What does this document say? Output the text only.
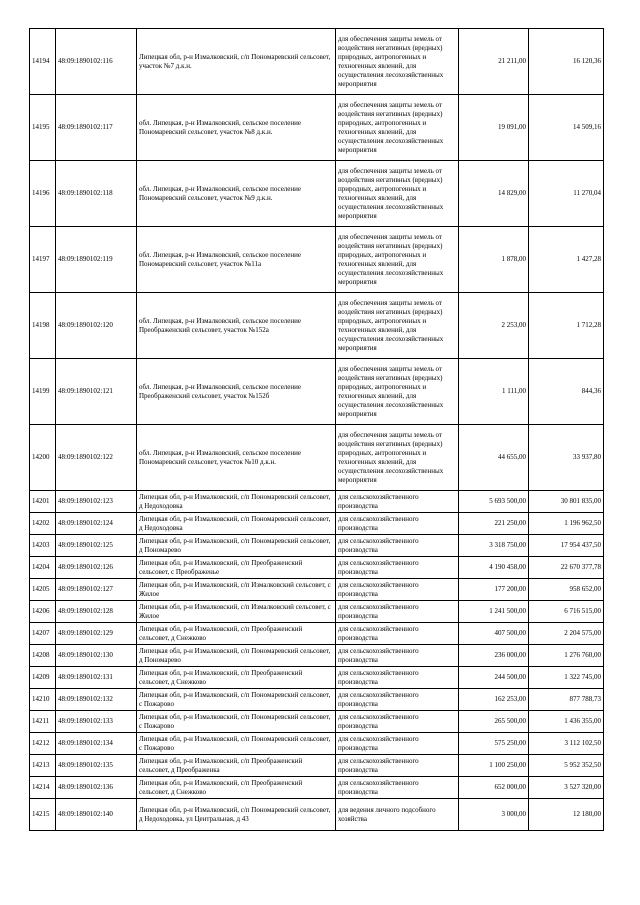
14194	48:09:1890102:116	Липецкая обл, р-н Измалковский, с/п Пономаревский сельсовет, участок №7 д.к.н.	для обеспечения защиты земель от воздействия негативных (вредных) природных, антропогенных и техногенных явлений, для осуществления лесохозяйственных мероприятия	21 211,00	16 120,36
14195	48:09:1890102:117	обл. Липецкая, р-н Измалковский, сельское поселение Пономаревский сельсовет, участок №8 д.к.н.	для обеспечения защиты земель от воздействия негативных (вредных) природных, антропогенных и техногенных явлений, для осуществления лесохозяйственных мероприятия	19 091,00	14 509,16
14196	48:09:1890102:118	обл. Липецкая, р-н Измалковский, сельское поселение Пономаревский сельсовет, участок №9 д.к.н.	для обеспечения защиты земель от воздействия негативных (вредных) природных, антропогенных и техногенных явлений, для осуществления лесохозяйственных мероприятия	14 829,00	11 270,04
14197	48:09:1890102:119	обл. Липецкая, р-н Измалковский, сельское поселение Пономаревский сельсовет, участок №11а	для обеспечения защиты земель от воздействия негативных (вредных) природных, антропогенных и техногенных явлений, для осуществления лесохозяйственных мероприятия	1 878,00	1 427,28
14198	48:09:1890102:120	обл. Липецкая, р-н Измалковский, сельское поселение Преображенский сельсовет, участок №152а	для обеспечения защиты земель от воздействия негативных (вредных) природных, антропогенных и техногенных явлений, для осуществления лесохозяйственных мероприятия	2 253,00	1 712,28
14199	48:09:1890102:121	обл. Липецкая, р-н Измалковский, сельское поселение Преображенский сельсовет, участок №152б	для обеспечения защиты земель от воздействия негативных (вредных) природных, антропогенных и техногенных явлений, для осуществления лесохозяйственных мероприятия	1 111,00	844,36
14200	48:09:1890102:122	обл. Липецкая, р-н Измалковский, сельское поселение Пономаревский сельсовет, участок №10 д.к.н.	для обеспечения защиты земель от воздействия негативных (вредных) природных, антропогенных и техногенных явлений, для осуществления лесохозяйственных мероприятия	44 655,00	33 937,80
14201	48:09:1890102:123	Липецкая обл, р-н Измалковский, с/п Пономаревский сельсовет, д Недоходовка	для сельскохозяйственного производства	5 693 500,00	30 801 835,00
14202	48:09:1890102:124	Липецкая обл, р-н Измалковский, с/п Пономаревский сельсовет, д Недоходовка	для сельскохозяйственного производства	221 250,00	1 196 962,50
14203	48:09:1890102:125	Липецкая обл, р-н Измалковский, с/п Пономаревский сельсовет, д Пономарево	для сельскохозяйственного производства	3 318 750,00	17 954 437,50
14204	48:09:1890102:126	Липецкая обл, р-н Измалковский, с/п Преображенский сельсовет, с Преображенье	для сельскохозяйственного производства	4 190 458,00	22 670 377,78
14205	48:09:1890102:127	Липецкая обл, р-н Измалковский, с/п Измалковский сельсовет, с Жилое	для сельскохозяйственного производства	177 200,00	958 652,00
14206	48:09:1890102:128	Липецкая обл, р-н Измалковский, с/п Измалковский сельсовет, с Жилое	для сельскохозяйственного производства	1 241 500,00	6 716 515,00
14207	48:09:1890102:129	Липецкая обл, р-н Измалковский, с/п Преображенский сельсовет, д Снежково	для сельскохозяйственного производства	407 500,00	2 204 575,00
14208	48:09:1890102:130	Липецкая обл, р-н Измалковский, с/п Пономаревский сельсовет, д Пономарево	для сельскохозяйственного производства	236 000,00	1 276 760,00
14209	48:09:1890102:131	Липецкая обл, р-н Измалковский, с/п Преображенский сельсовет, д Снежково	для сельскохозяйственного производства	244 500,00	1 322 745,00
14210	48:09:1890102:132	Липецкая обл, р-н Измалковский, с/п Пономаревский сельсовет, с Пожарово	для сельскохозяйственного производства	162 253,00	877 788,73
14211	48:09:1890102:133	Липецкая обл, р-н Измалковский, с/п Пономаревский сельсовет, с Пожарово	для сельскохозяйственного производства	265 500,00	1 436 355,00
14212	48:09:1890102:134	Липецкая обл, р-н Измалковский, с/п Пономаревский сельсовет, с Пожарово	для сельскохозяйственного производства	575 250,00	3 112 102,50
14213	48:09:1890102:135	Липецкая обл, р-н Измалковский, с/п Преображенский сельсовет, д Преображенка	для сельскохозяйственного производства	1 100 250,00	5 952 352,50
14214	48:09:1890102:136	Липецкая обл, р-н Измалковский, с/п Преображенский сельсовет, д Снежково	для сельскохозяйственного производства	652 000,00	3 527 320,00
14215	48:09:1890102:140	Липецкая обл, р-н Измалковский, с/п Пономаревский сельсовет, д Недоходовка, ул Центральная, д 43	для ведения личного подсобного хозяйства	3 000,00	12 180,00
